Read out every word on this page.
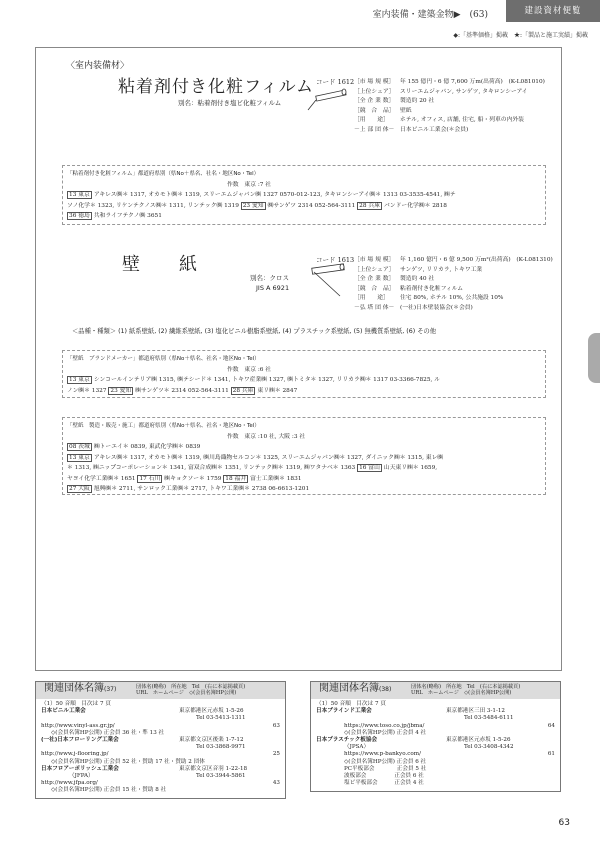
室内装備・建築金物▶　(63)	建設資材便覧
◆:「基準価格」掲載　★:「製品と施工実績」掲載
〈室内装備材〉
粘着剤付き化粧フィルム
別名：粘着剤付き塩ビ化粧フィルム
コード 1612 ［市 場 規 模］ 年 155 億円・6 億 7,600 万m(出荷高)　(K-L081010)
［上位シェア］ スリーエムジャパン, サンゲツ, タキロンシーアイ
［全 企 業 数］ 製造約 20 社
［競　合　品］ 壁紙
［用　　途］ ホテル, オフィス, 店舗, 住宅, 船・列車の内外装
－上 部 団 体－ 日本ビニル工業会(＊会員)
「粘着剤付き化粧フィルム」都道府県別（県No＋県名、社名・地区No・Tel）
作数　東京 :7 社
13 東京 アキレス㈱＊ 1317, オカモト㈱＊ 1319, スリーエムジャパン㈱ 1327 0570-012-123, タキロンシーアイ㈱＊ 1313 03-3535-4541, ㈱テ
ソノ化学＊ 1323, リケンテクノス㈱＊ 1311, リンテック㈱ 1319 23 愛知 ㈱サンゲツ 2314 052-564-3111 28 兵庫 バンドー化学㈱＊ 2818
36 徳島 共和ライフテクノ㈱ 3651
壁　　紙
別名：クロス
JIS A 6921
コード 1613 ［市 場 規 模］ 年 1,160 億円・6 億 9,500 万m²(出荷高)　(K-L081310)
［上位シェア］ サンゲツ, リリカラ, トキワ工業
［全 企 業 数］ 製造約 40 社
［競　合　品］ 粘着剤付き化粧フィルム
［用　　途］ 住宅 80%, ホテル 10%, 公共施設 10%
－弘 塔 団 体－ (一社)日本壁装協会(＊会員)
＜品種・種類＞ (1) 紙系壁紙, (2) 繊維系壁紙, (3) 塩化ビニル樹脂系壁紙, (4) プラスチック系壁紙, (5) 無機質系壁紙, (6) その他
「壁紙　ブランドメーカー」都道府県別（県No＋県名、社名・地区No・Tel）
作数　東京 :6 社
13 東京 シンコールインテリア㈱ 1315, ㈱テシード＊ 1341, トキワ産業㈱ 1327, ㈱トミタ＊ 1327, リリカラ㈱＊ 1317 03-3366-7825, ル
ノン㈱＊ 1327 23 愛知 ㈱サンゲツ＊ 2314 052-564-3111 28 兵庫 東リ㈱＊ 2847
「壁紙　製造・販売・施工」都道府県別（県No＋県名、社名・地区No・Tel）
作数　東京 :10 社, 大阪 :3 社
08 茨城 ㈱トーエイ＊ 0839, 東武化学㈱＊ 0839
13 東京 アキレス㈱＊ 1317, オカモト㈱＊ 1319, ㈱川島織物セルコン＊ 1325, スリーエムジャパン㈱＊ 1327, ダイニック㈱＊ 1315, 東レ㈱
＊ 1313, ㈱ニップコーポレーション＊ 1341, 富双合成㈱＊ 1351, リンテック㈱＊ 1319, ㈱ワタナベ＊ 1363 16 富山 山天東リ㈱＊ 1659,
ヤヨイ化学工業㈱＊ 1651 17 石川 ㈱キョクソー＊ 1759 18 福井 富士工業㈱＊ 1831
27 大阪 旭興㈱＊ 2711, サンロック工業㈱＊ 2717, トキワ工業㈱＊ 2738 06-6613-1201
関連団体名簿(37)	団体名(略称)　所在地　Tel　(右に本誌掲載頁)
URL　ホームページ　◇(会員名簿HP公開)
（1）50 音順　目次は 7 頁
日本ビニル工業会	東京都港区元赤坂 1-5-26
Tel 03-5413-1311
http://www.vinyl-ass.gr.jp/	63
◇(会員名簿HP公開) 正会員 36 社・準 13 社
(一社)日本フローリング工業会	東京都文京区後楽 1-7-12
Tel 03-3868-9971
http://www.j-flooring.jp/	25
◇(会員名簿HP公開) 正会員 52 社・賛助 17 社・賛助 2 団体
日本フロアーポリッシュ工業会	東京都文京区音羽 1-22-18
（JFPA）	Tel 03-3944-5861
http://www.jfpa.org/	43
◇(会員名簿HP公開) 正会員 15 社・賛助 8 社
関連団体名簿(38)	団体名(略称)　所在地　Tel　(右に本誌掲載頁)
URL　ホームページ　◇(会員名簿HP公開)
（1）50 音順　目次は 7 頁
日本ブラインド工業会	東京都港区三田 3-1-12
Tel 03-5484-6111
https://www.toso.co.jp/jbma/	64
◇(会員名簿HP公開) 正会員 4 社
日本プラスチック板協会	東京都港区元赤坂 1-5-26
（JPSA）	Tel 03-3408-4342
https://www.p-bankyo.com/	61
◇(会員名簿HP公開) 正会員 6 社
PC平板部会　　　　正会員 5 社
波板部会　　　　　正会員 6 社
塩ビ平板部会　　　正会員 4 社
63
